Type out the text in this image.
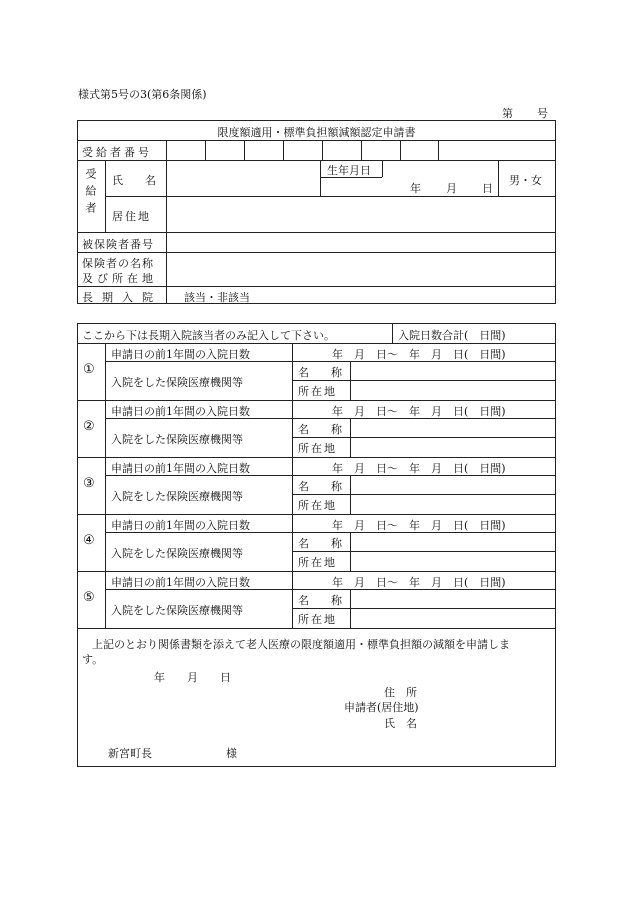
様式第5号の3(第6条関係)
第 号
限度額適用・標準負担額減額認定申請書
受給者番号
受給者 氏　　名
生年月日
年 月 日
男・女
居住地
被保険者番号
保険者の名称
及び所在地
長期入院 該当・非該当
ここから下は長期入院該当者のみ記入して下さい。	入院日数合計(　日間)
①
申請日の前1年間の入院日数	年　月　日〜　年　月　日(　日間)
入院をした保険医療機関等
名　　称
所在地
②
申請日の前1年間の入院日数	年　月　日〜　年　月　日(　日間)
入院をした保険医療機関等
名　　称
所在地
③
申請日の前1年間の入院日数	年　月　日〜　年　月　日(　日間)
入院をした保険医療機関等
名　　称
所在地
④
申請日の前1年間の入院日数	年　月　日〜　年　月　日(　日間)
入院をした保険医療機関等
名　　称
所在地
⑤
申請日の前1年間の入院日数	年　月　日〜　年　月　日(　日間)
入院をした保険医療機関等
名　　称
所在地
上記のとおり関係書類を添えて老人医療の限度額適用・標準負担額の減額を申請しま
す。
年　　月　　日
住　所
申請者(居住地)
氏　名
新宮町長	様
